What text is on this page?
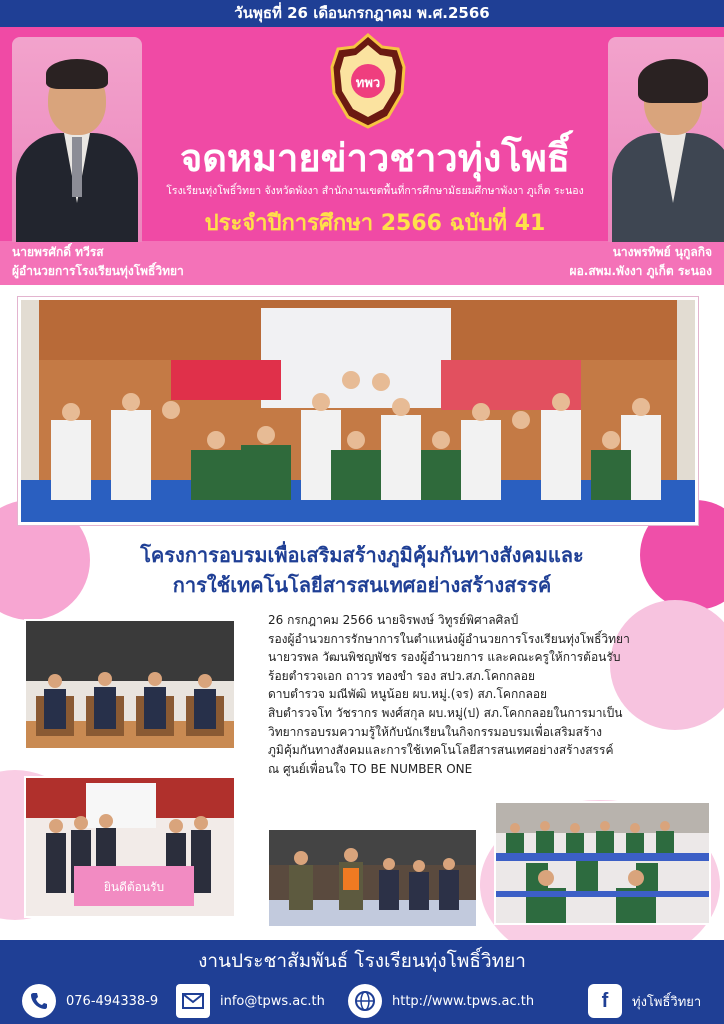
วันพุธที่ 26 เดือนกรกฎาคม พ.ศ.2566
ทพว
จดหมายข่าวชาวทุ่งโพธิ์
โรงเรียนทุ่งโพธิ์วิทยา จังหวัดพังงา สำนักงานเขตพื้นที่การศึกษามัธยมศึกษาพังงา ภูเก็ต ระนอง
ประจำปีการศึกษา 2566 ฉบับที่ 41
นายพรศักดิ์ ทวีรส
ผู้อำนวยการโรงเรียนทุ่งโพธิ์วิทยา
นางพรทิพย์ นุกูลกิจ
ผอ.สพม.พังงา ภูเก็ต ระนอง
โครงการอบรมเพื่อเสริมสร้างภูมิคุ้มกันทางสังคมและ
การใช้เทคโนโลยีสารสนเทศอย่างสร้างสรรค์
ยินดีต้อนรับ

26 กรกฎาคม 2566 นายจิรพงษ์ วิทูรย์พิศาลศิลป์

รองผู้อำนวยการรักษาการในตำแหน่งผู้อำนวยการโรงเรียนทุ่งโพธิ์วิทยา

นายวรพล วัฒนพิชญพัชร รองผู้อำนวยการ และคณะครูให้การต้อนรับ

ร้อยตำรวจเอก ถาวร ทองขำ รอง สปว.สภ.โคกกลอย

ดาบตำรวจ มณีพัฒิ หนูน้อย ผบ.หมู่.(จร) สภ.โคกกลอย

สิบตำรวจโท วัชรากร พงศ์สกุล ผบ.หมู่(ป) สภ.โคกกลอยในการมาเป็น

วิทยากรอบรมความรู้ให้กับนักเรียนในกิจกรรมอบรมเพื่อเสริมสร้าง

ภูมิคุ้มกันทางสังคมและการใช้เทคโนโลยีสารสนเทศอย่างสร้างสรรค์

ณ ศูนย์เพื่อนใจ TO BE NUMBER ONE

งานประชาสัมพันธ์ โรงเรียนทุ่งโพธิ์วิทยา
076-494338-9	info@tpws.ac.th	http://www.tpws.ac.th	f	ทุ่งโพธิ์วิทยา
